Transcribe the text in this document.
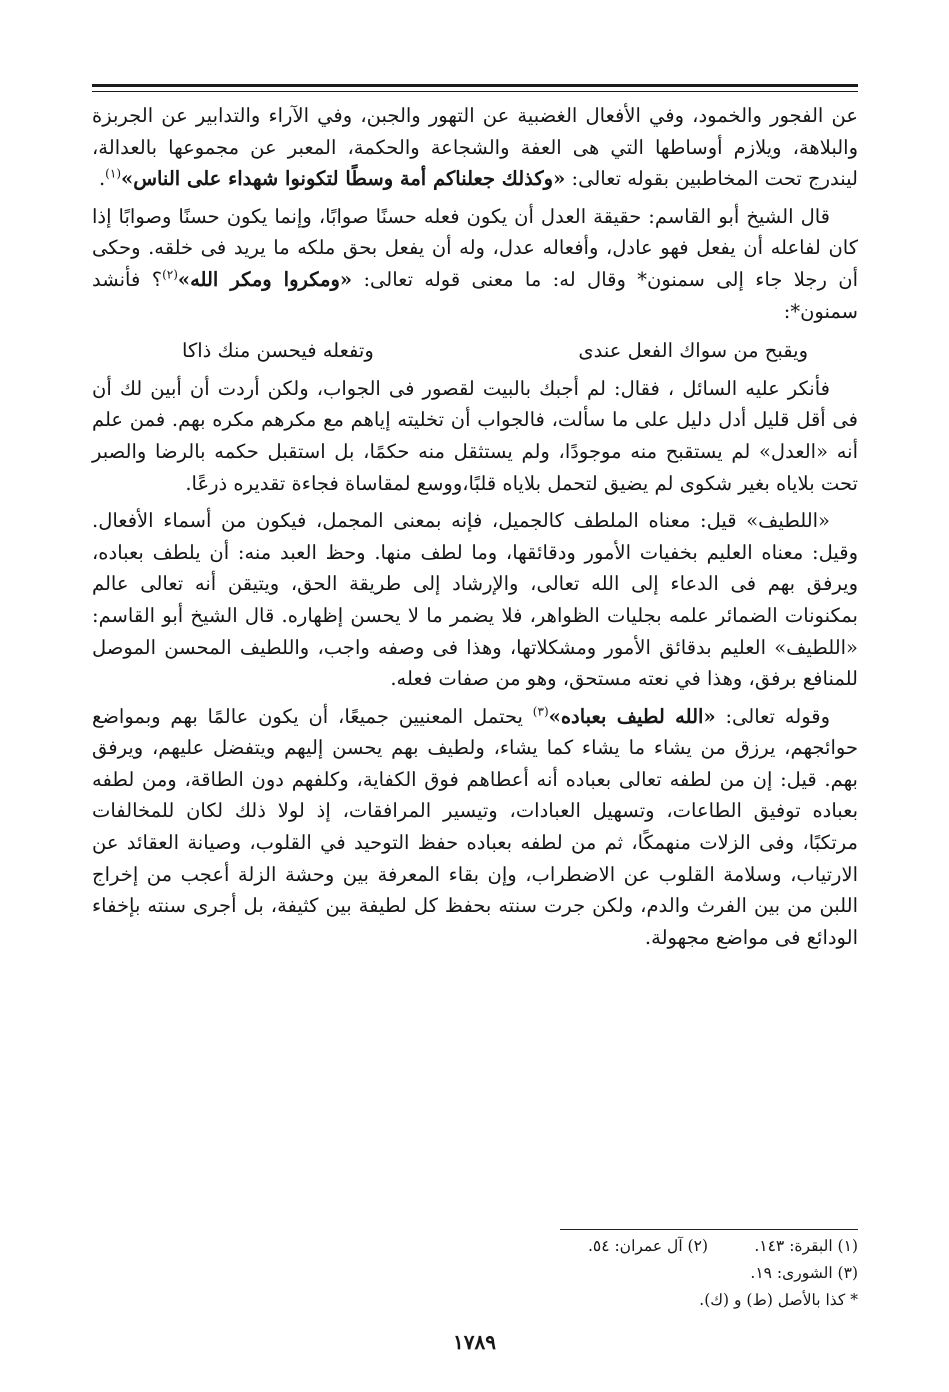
عن الفجور والخمود، وفي الأفعال الغضبية عن التهور والجبن، وفي الآراء والتدابير عن الجربزة والبلاهة، ويلازم أوساطها التي هى العفة والشجاعة والحكمة، المعبر عن مجموعها بالعدالة، ليندرج تحت المخاطبين بقوله تعالى: «وكذلك جعلناكم أمة وسطًا لتكونوا شهداء على الناس»$^{(١)}$.

قال الشيخ أبو القاسم: حقيقة العدل أن يكون فعله حسنًا صوابًا، وإنما يكون حسنًا وصوابًا إذا كان لفاعله أن يفعل فهو عادل، وأفعاله عدل، وله أن يفعل بحق ملكه ما يريد فى خلقه. وحكى أن رجلا جاء إلى سمنون* وقال له: ما معنى قوله تعالى: «ومكروا ومكر الله»$^{(٢)}$؟ فأنشد سمنون*:

ويقبح من سواك الفعل عندى
وتفعله فيحسن منك ذاكا

فأنكر عليه السائل ، فقال: لم أجبك بالبيت لقصور فى الجواب، ولكن أردت أن أبين لك أن فى أقل قليل أدل دليل على ما سألت، فالجواب أن تخليته إياهم مع مكرهم مكره بهم. فمن علم أنه «العدل» لم يستقبح منه موجودًا، ولم يستثقل منه حكمًا، بل استقبل حكمه بالرضا والصبر تحت بلاياه بغير شكوى لم يضيق لتحمل بلاياه قلبًا،ووسع لمقاساة فجاءة تقديره ذرعًا.

«اللطيف» قيل: معناه الملطف كالجميل، فإنه بمعنى المجمل، فيكون من أسماء الأفعال. وقيل: معناه العليم بخفيات الأمور ودقائقها، وما لطف منها. وحظ العبد منه: أن يلطف بعباده، ويرفق بهم فى الدعاء إلى الله تعالى، والإرشاد إلى طريقة الحق، ويتيقن أنه تعالى عالم بمكنونات الضمائر علمه بجليات الظواهر، فلا يضمر ما لا يحسن إظهاره. قال الشيخ أبو القاسم: «اللطيف» العليم بدقائق الأمور ومشكلاتها، وهذا فى وصفه واجب، واللطيف المحسن الموصل للمنافع برفق، وهذا في نعته مستحق، وهو من صفات فعله.

وقوله تعالى: «الله لطيف بعباده»$^{(٣)}$ يحتمل المعنيين جميعًا، أن يكون عالمًا بهم وبمواضع حوائجهم، يرزق من يشاء ما يشاء كما يشاء، ولطيف بهم يحسن إليهم ويتفضل عليهم، ويرفق بهم. قيل: إن من لطفه تعالى بعباده أنه أعطاهم فوق الكفاية، وكلفهم دون الطاقة، ومن لطفه بعباده توفيق الطاعات، وتسهيل العبادات، وتيسير المرافقات، إذ لولا ذلك لكان للمخالفات مرتكبًا، وفى الزلات منهمكًا، ثم من لطفه بعباده حفظ التوحيد في القلوب، وصيانة العقائد عن الارتياب، وسلامة القلوب عن الاضطراب، وإن بقاء المعرفة بين وحشة الزلة أعجب من إخراج اللبن من بين الفرث والدم، ولكن جرت سنته بحفظ كل لطيفة بين كثيفة، بل أجرى سنته بإخفاء الودائع فى مواضع مجهولة.

(١) البقرة: ١٤٣.
(٢) آل عمران: ٥٤.
(٣) الشورى: ١٩.
* كذا بالأصل (ط) و (ك).
١٧٨٩
